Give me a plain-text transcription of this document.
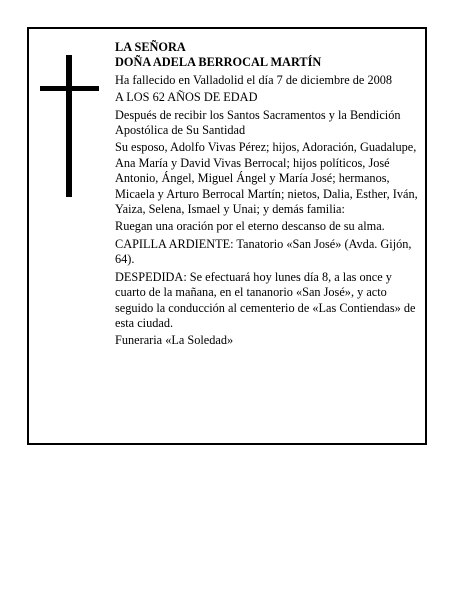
LA SEÑORA

DOÑA ADELA BERROCAL MARTÍN

Ha fallecido en Valladolid el día 7 de diciembre de 2008

A LOS 62 AÑOS DE EDAD

Después de recibir los Santos Sacramentos y la Bendición Apostólica de Su Santidad

Su esposo, Adolfo Vivas Pérez; hijos, Adoración, Guadalupe, Ana María y David Vivas Berrocal; hijos políticos, José Antonio, Ángel, Miguel Ángel y María José; hermanos, Micaela y Arturo Berrocal Martín; nietos, Dalia, Esther, Iván, Yaiza, Selena, Ismael y Unai; y demás familia:

Ruegan una oración por el eterno descanso de su alma.

CAPILLA ARDIENTE: Tanatorio «San José» (Avda. Gijón, 64).

DESPEDIDA: Se efectuará hoy lunes día 8, a las once y cuarto de la mañana, en el tananorio «San José», y acto seguido la conducción al cementerio de «Las Contiendas» de esta ciudad.

Funeraria «La Soledad»
